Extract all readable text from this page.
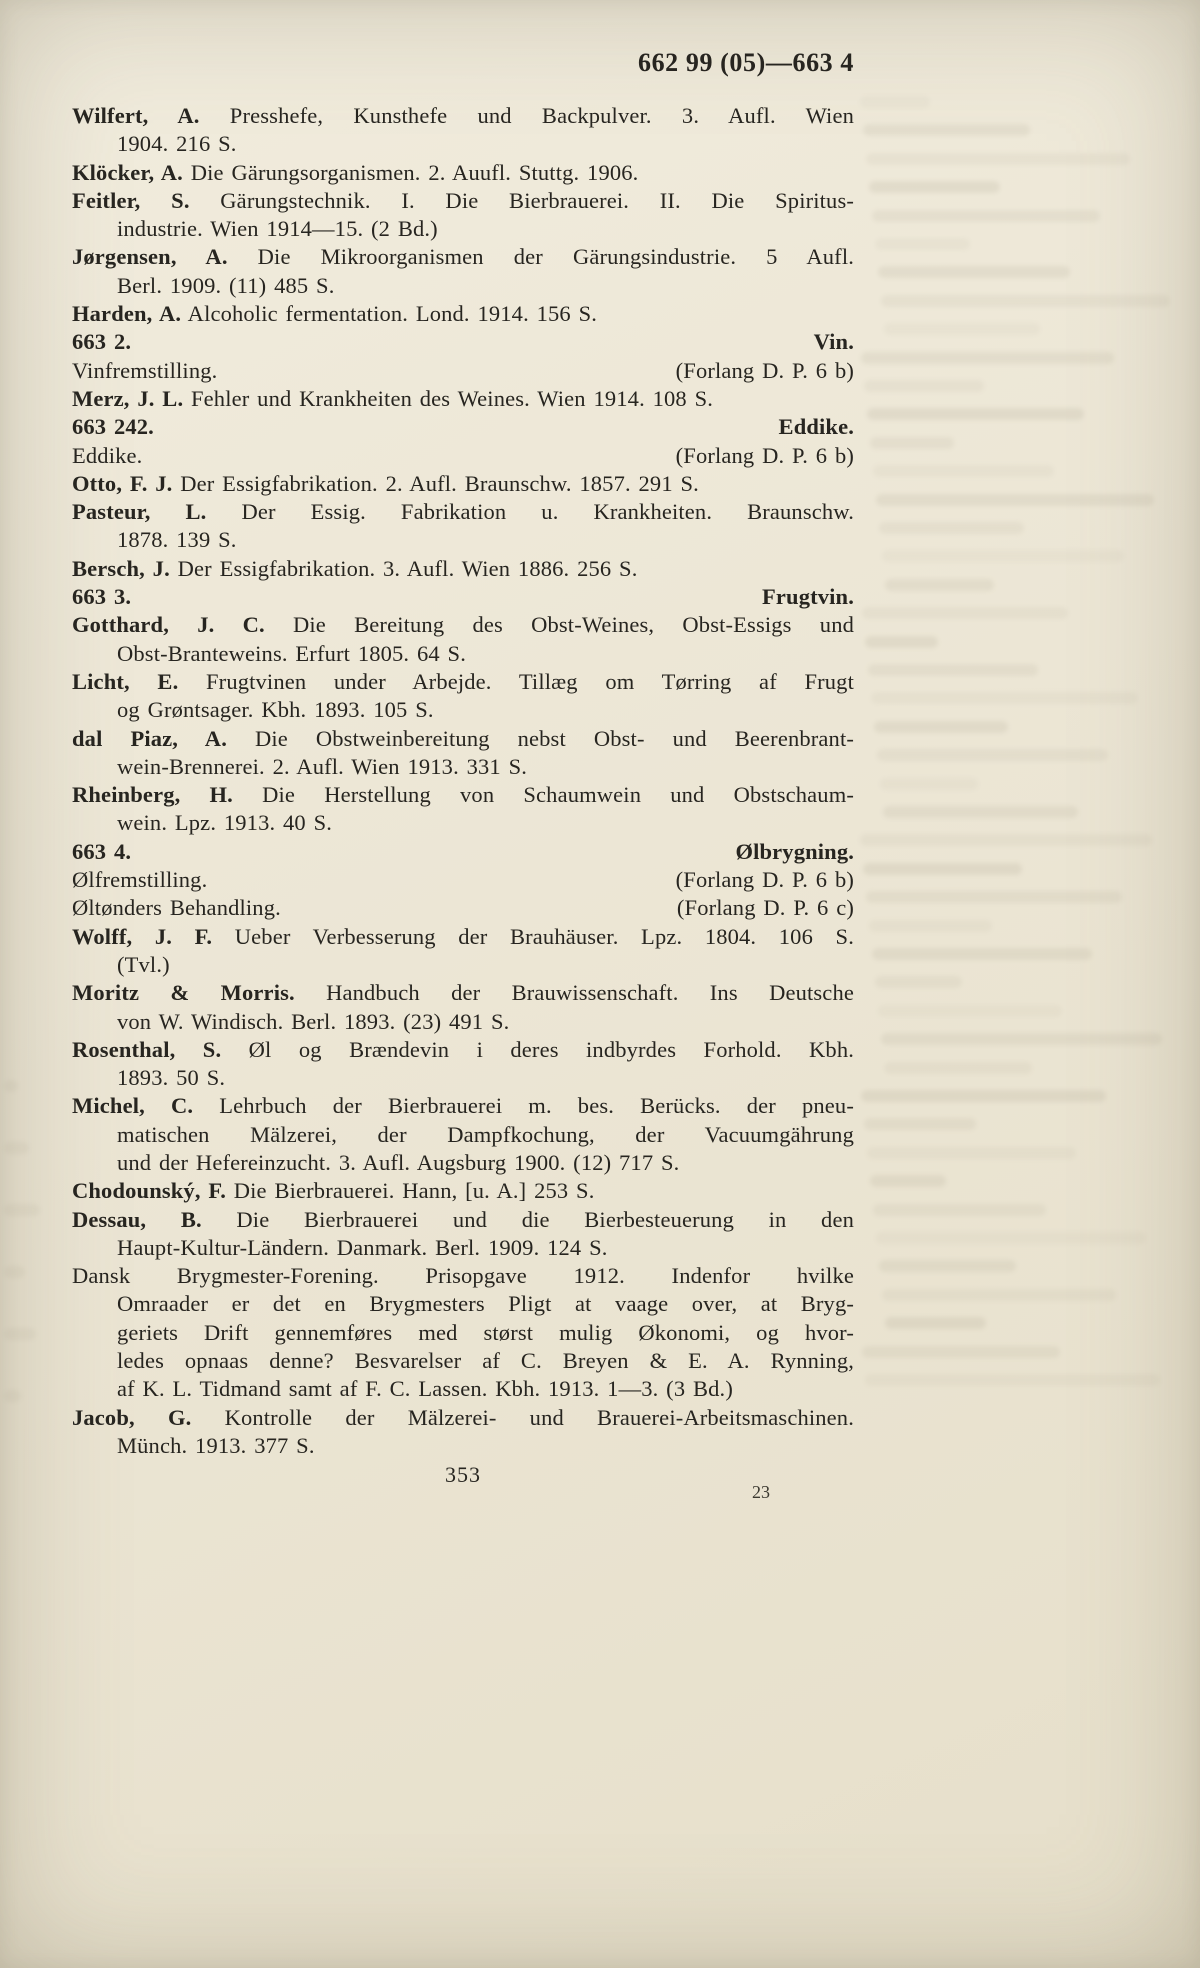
662 99 (05)—663 4
Wilfert, A. Presshefe, Kunsthefe und Backpulver. 3. Aufl. Wien
1904. 216 S.
Klöcker, A. Die Gärungsorganismen. 2. Auufl. Stuttg. 1906.
Feitler, S. Gärungstechnik. I. Die Bierbrauerei. II. Die Spiritus-
industrie. Wien 1914—15. (2 Bd.)
Jørgensen, A. Die Mikroorganismen der Gärungsindustrie. 5 Aufl.
Berl. 1909. (11) 485 S.
Harden, A. Alcoholic fermentation. Lond. 1914. 156 S.
663 2.	Vin.
Vinfremstilling.	(Forlang D. P. 6 b)
Merz, J. L. Fehler und Krankheiten des Weines. Wien 1914. 108 S.
663 242.	Eddike.
Eddike.	(Forlang D. P. 6 b)
Otto, F. J. Der Essigfabrikation. 2. Aufl. Braunschw. 1857. 291 S.
Pasteur, L. Der Essig. Fabrikation u. Krankheiten. Braunschw.
1878. 139 S.
Bersch, J. Der Essigfabrikation. 3. Aufl. Wien 1886. 256 S.
663 3.	Frugtvin.
Gotthard, J. C. Die Bereitung des Obst-Weines, Obst-Essigs und
Obst-Branteweins. Erfurt 1805. 64 S.
Licht, E. Frugtvinen under Arbejde. Tillæg om Tørring af Frugt
og Grøntsager. Kbh. 1893. 105 S.
dal Piaz, A. Die Obstweinbereitung nebst Obst- und Beerenbrant-
wein-Brennerei. 2. Aufl. Wien 1913. 331 S.
Rheinberg, H. Die Herstellung von Schaumwein und Obstschaum-
wein. Lpz. 1913. 40 S.
663 4.	Ølbrygning.
Ølfremstilling.	(Forlang D. P. 6 b)
Øltønders Behandling.	(Forlang D. P. 6 c)
Wolff, J. F. Ueber Verbesserung der Brauhäuser. Lpz. 1804. 106 S.
(Tvl.)
Moritz & Morris. Handbuch der Brauwissenschaft. Ins Deutsche
von W. Windisch. Berl. 1893. (23) 491 S.
Rosenthal, S. Øl og Brændevin i deres indbyrdes Forhold. Kbh.
1893. 50 S.
Michel, C. Lehrbuch der Bierbrauerei m. bes. Berücks. der pneu-
matischen Mälzerei, der Dampfkochung, der Vacuumgährung
und der Hefereinzucht. 3. Aufl. Augsburg 1900. (12) 717 S.
Chodounský, F. Die Bierbrauerei. Hann, [u. A.] 253 S.
Dessau, B. Die Bierbrauerei und die Bierbesteuerung in den
Haupt-Kultur-Ländern. Danmark. Berl. 1909. 124 S.
Dansk Brygmester-Forening. Prisopgave 1912. Indenfor hvilke
Omraader er det en Brygmesters Pligt at vaage over, at Bryg-
geriets Drift gennemføres med størst mulig Økonomi, og hvor-
ledes opnaas denne? Besvarelser af C. Breyen & E. A. Rynning,
af K. L. Tidmand samt af F. C. Lassen. Kbh. 1913. 1—3. (3 Bd.)
Jacob, G. Kontrolle der Mälzerei- und Brauerei-Arbeitsmaschinen.
Münch. 1913. 377 S.
353
23
